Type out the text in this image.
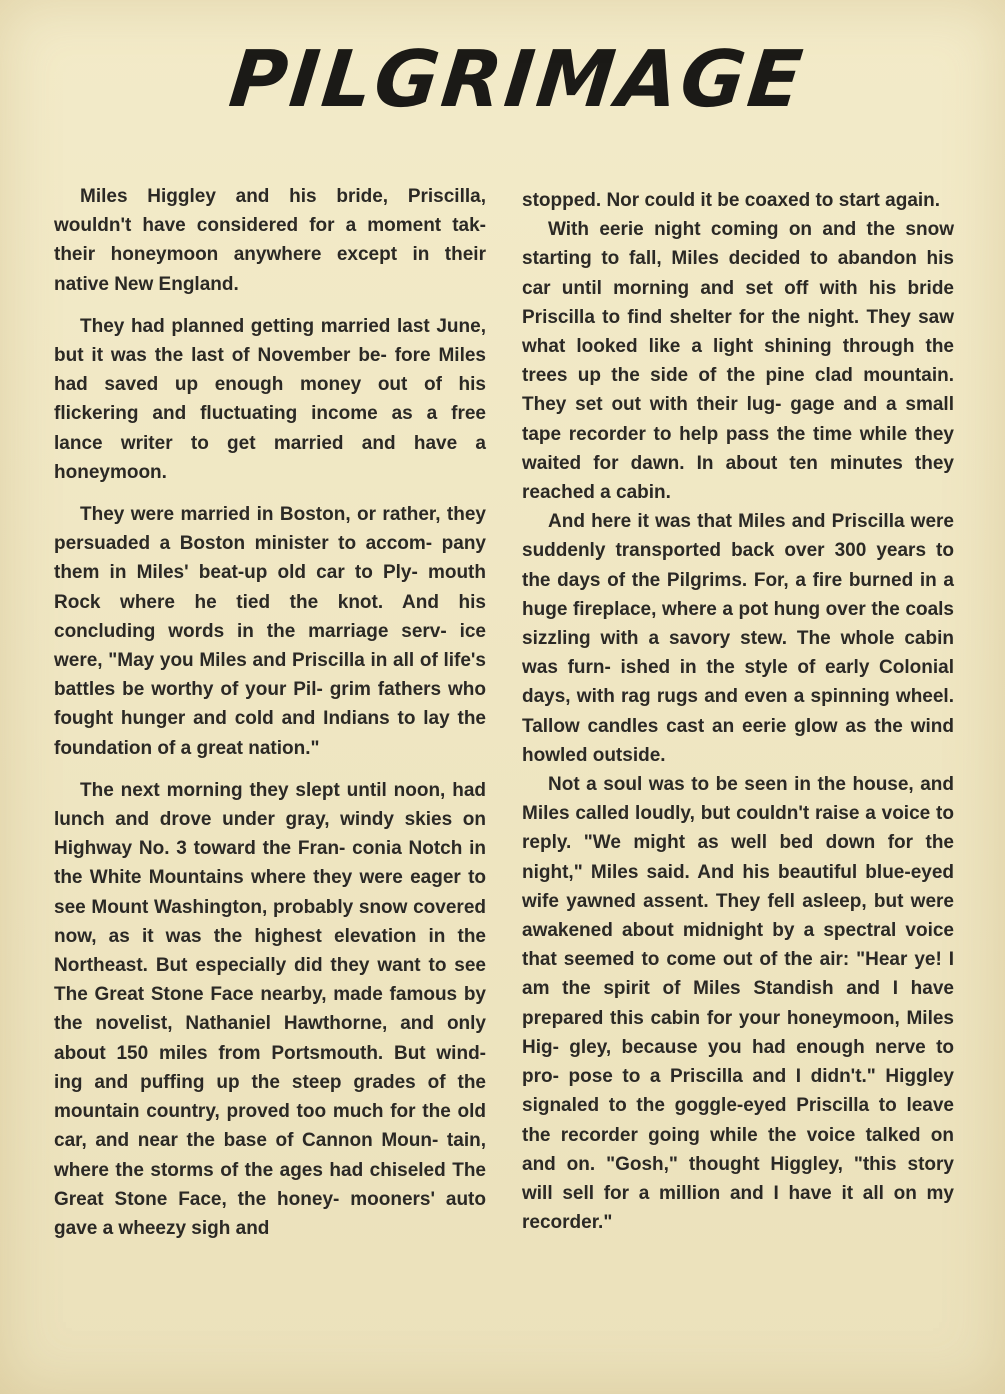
PILGRIMAGE

Miles Higgley and his bride, Priscilla, wouldn't have considered for a moment tak- their honeymoon anywhere except in their native New England.

They had planned getting married last June, but it was the last of November be- fore Miles had saved up enough money out of his flickering and fluctuating income as a free lance writer to get married and have a honeymoon.

They were married in Boston, or rather, they persuaded a Boston minister to accom- pany them in Miles' beat-up old car to Ply- mouth Rock where he tied the knot. And his concluding words in the marriage serv- ice were, "May you Miles and Priscilla in all of life's battles be worthy of your Pil- grim fathers who fought hunger and cold and Indians to lay the foundation of a great nation."

The next morning they slept until noon, had lunch and drove under gray, windy skies on Highway No. 3 toward the Fran- conia Notch in the White Mountains where they were eager to see Mount Washington, probably snow covered now, as it was the highest elevation in the Northeast. But especially did they want to see The Great Stone Face nearby, made famous by the novelist, Nathaniel Hawthorne, and only about 150 miles from Portsmouth. But wind- ing and puffing up the steep grades of the mountain country, proved too much for the old car, and near the base of Cannon Moun- tain, where the storms of the ages had chiseled The Great Stone Face, the honey- mooners' auto gave a wheezy sigh and

stopped. Nor could it be coaxed to start again.

With eerie night coming on and the snow starting to fall, Miles decided to abandon his car until morning and set off with his bride Priscilla to find shelter for the night. They saw what looked like a light shining through the trees up the side of the pine clad mountain. They set out with their lug- gage and a small tape recorder to help pass the time while they waited for dawn. In about ten minutes they reached a cabin.

And here it was that Miles and Priscilla were suddenly transported back over 300 years to the days of the Pilgrims. For, a fire burned in a huge fireplace, where a pot hung over the coals sizzling with a savory stew. The whole cabin was furn- ished in the style of early Colonial days, with rag rugs and even a spinning wheel. Tallow candles cast an eerie glow as the wind howled outside.

Not a soul was to be seen in the house, and Miles called loudly, but couldn't raise a voice to reply. "We might as well bed down for the night," Miles said. And his beautiful blue-eyed wife yawned assent. They fell asleep, but were awakened about midnight by a spectral voice that seemed to come out of the air: "Hear ye! I am the spirit of Miles Standish and I have prepared this cabin for your honeymoon, Miles Hig- gley, because you had enough nerve to pro- pose to a Priscilla and I didn't." Higgley signaled to the goggle-eyed Priscilla to leave the recorder going while the voice talked on and on. "Gosh," thought Higgley, "this story will sell for a million and I have it all on my recorder."
